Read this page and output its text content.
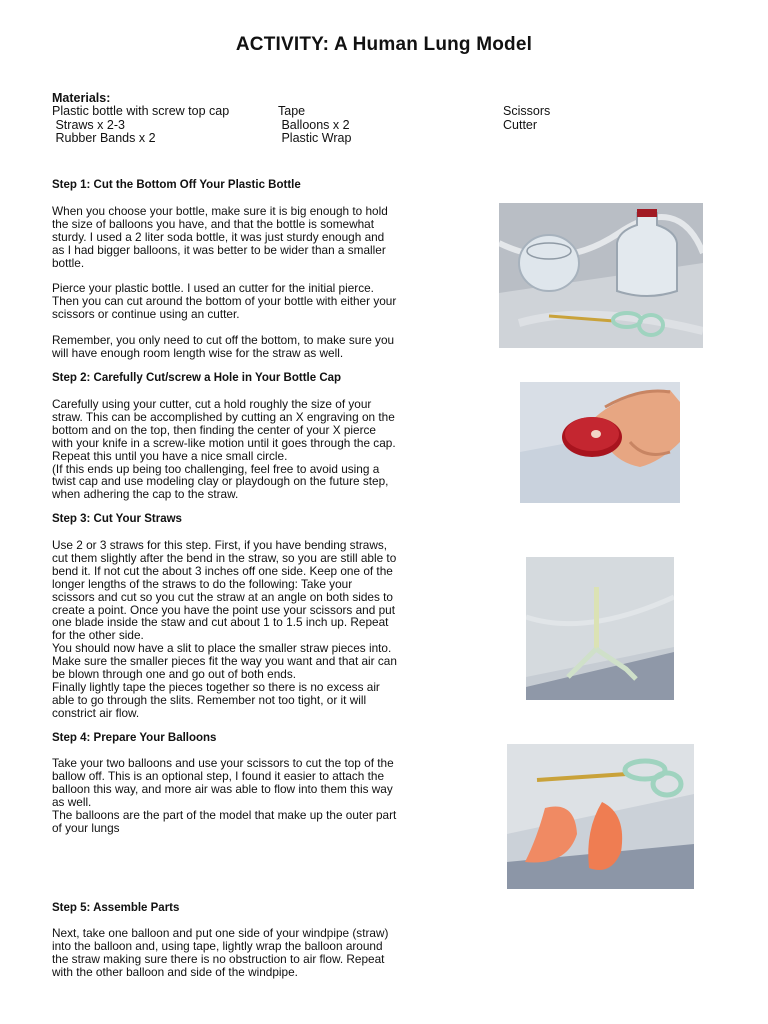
ACTIVITY: A Human Lung Model
Materials:
Plastic bottle with screw top cap	Tape	Scissors
Straws x 2-3	Balloons x 2	Cutter
Rubber Bands x 2	Plastic Wrap
Step 1: Cut the Bottom Off Your Plastic Bottle

When you choose your bottle, make sure it is big enough to hold

the size of balloons you have, and that the bottle is somewhat

sturdy. I used a 2 liter soda bottle, it was just sturdy enough and

as I had bigger balloons, it was better to be wider than a smaller

bottle.

Pierce your plastic bottle. I used an cutter for the initial pierce.

Then you can cut around the bottom of your bottle with either your

scissors or continue using an cutter.

Remember, you only need to cut off the bottom, to make sure you

will have enough room length wise for the straw as well.

Step 2: Carefully Cut/screw a Hole in Your Bottle Cap

Carefully using your cutter, cut a hold roughly the size of your

straw. This can be accomplished by cutting an X engraving on the

bottom and on the top, then finding the center of your X pierce

with your knife in a screw-like motion until it goes through the cap.

Repeat this until you have a nice small circle.

(If this ends up being too challenging, feel free to avoid using a

twist cap and use modeling clay or playdough on the future step,

when adhering the cap to the straw.

Step 3: Cut Your Straws

Use 2 or 3 straws for this step. First, if you have bending straws,

cut them slightly after the bend in the straw, so you are still able to

bend it. If not cut the about 3 inches off one side. Keep one of the

longer lengths of the straws to do the following: Take your

scissors and cut so you cut the straw at an angle on both sides to

create a point. Once you have the point use your scissors and put

one blade inside the staw and cut about 1 to 1.5 inch up. Repeat

for the other side.

You should now have a slit to place the smaller straw pieces into.

Make sure the smaller pieces fit the way you want and that air can

be blown through one and go out of both ends.

Finally lightly tape the pieces together so there is no excess air

able to go through the slits. Remember not too tight, or it will

constrict air flow.

Step 4: Prepare Your Balloons

Take your two balloons and use your scissors to cut the top of the

ballow off. This is an optional step, I found it easier to attach the

balloon this way, and more air was able to flow into them this way

as well.

The balloons are the part of the model that make up the outer part

of your lungs

Step 5: Assemble Parts

Next, take one balloon and put one side of your windpipe (straw)

into the balloon and, using tape, lightly wrap the balloon around

the straw making sure there is no obstruction to air flow. Repeat

with the other balloon and side of the windpipe.
